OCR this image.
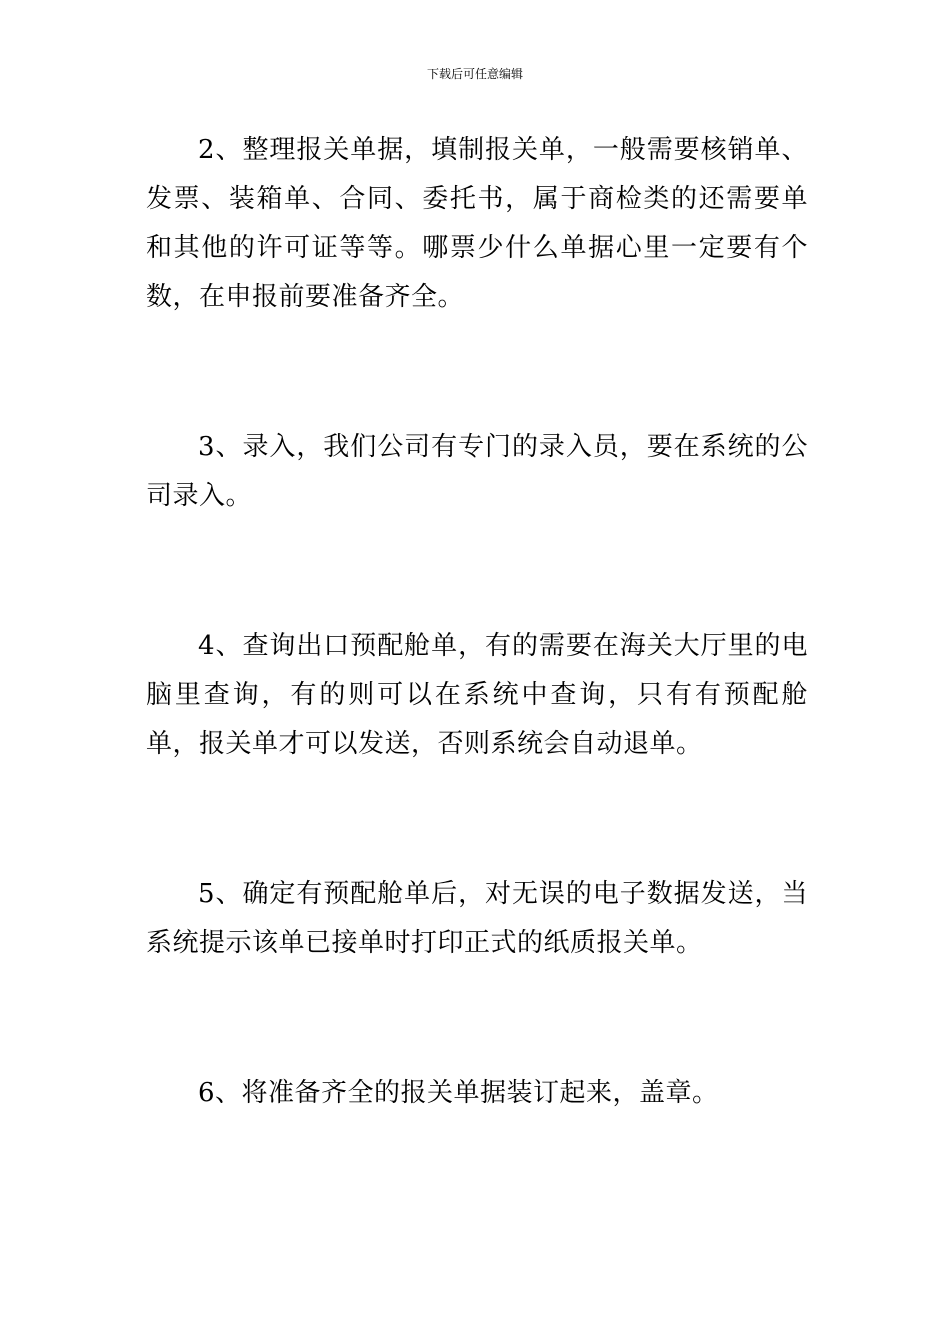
下载后可任意编辑

2、整理报关单据，填制报关单，一般需要核销单、发票、装箱单、合同、委托书，属于商检类的还需要单和其他的许可证等等。哪票少什么单据心里一定要有个数，在申报前要准备齐全。

3、录入，我们公司有专门的录入员，要在系统的公司录入。

4、查询出口预配舱单，有的需要在海关大厅里的电脑里查询，有的则可以在系统中查询，只有有预配舱单，报关单才可以发送，否则系统会自动退单。

5、确定有预配舱单后，对无误的电子数据发送，当系统提示该单已接单时打印正式的纸质报关单。

6、将准备齐全的报关单据装订起来，盖章。
